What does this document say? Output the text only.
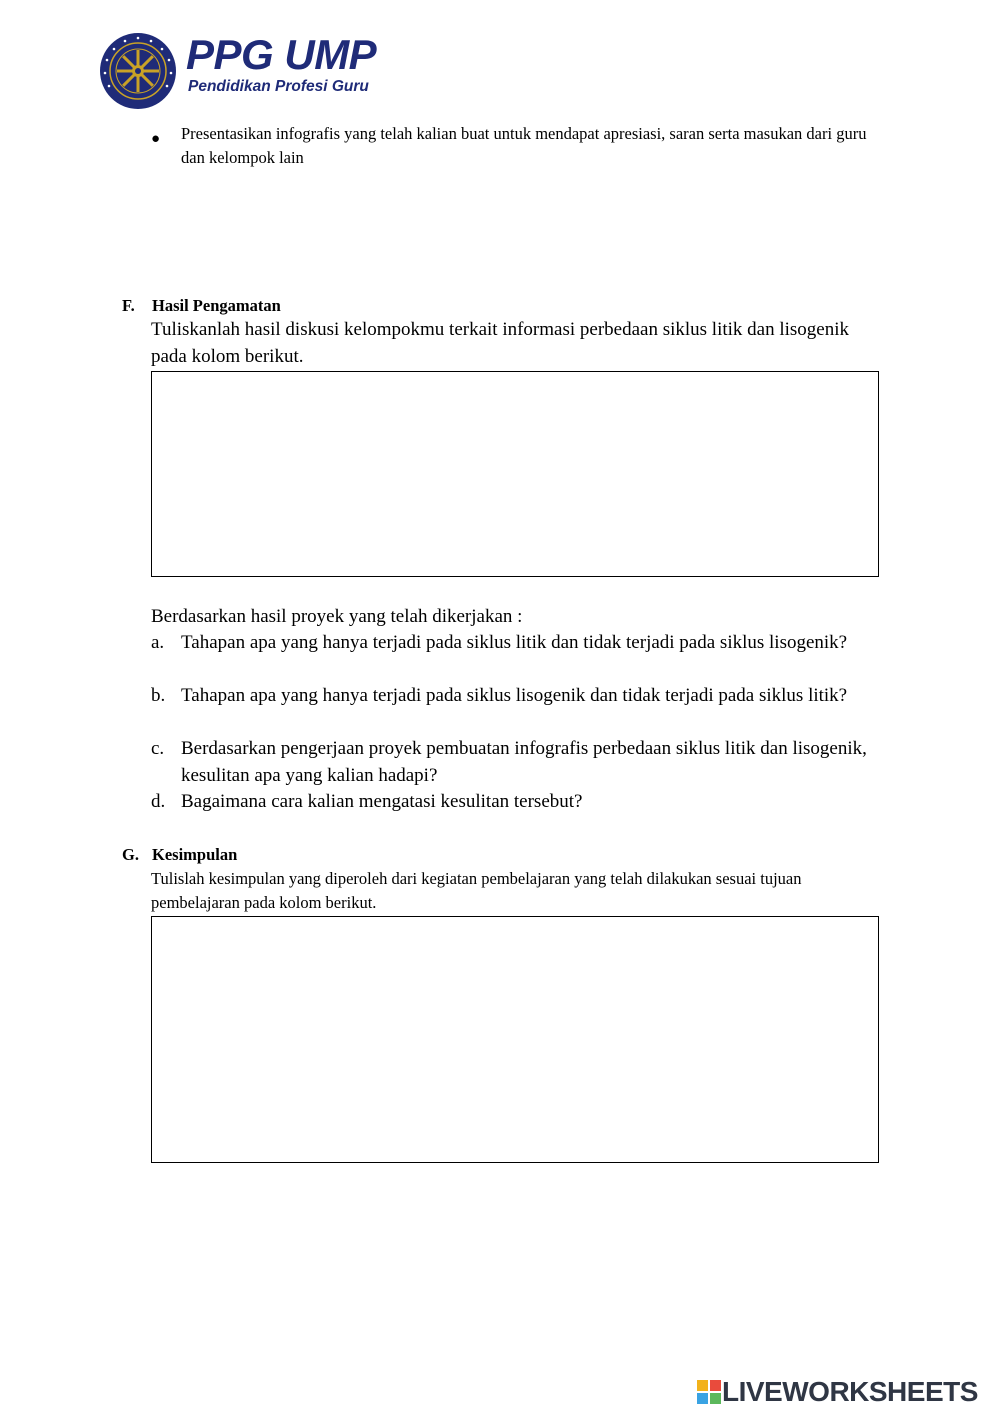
PPG UMP
Pendidikan Profesi Guru
● Presentasikan infografis yang telah kalian buat untuk mendapat apresiasi, saran serta masukan dari guru dan kelompok lain
F. Hasil Pengamatan
Tuliskanlah hasil diskusi kelompokmu terkait informasi perbedaan siklus litik dan lisogenik pada kolom berikut.
Berdasarkan hasil proyek yang telah dikerjakan :
a. Tahapan apa yang hanya terjadi pada siklus litik dan tidak terjadi pada siklus lisogenik?
b. Tahapan apa yang hanya terjadi pada siklus lisogenik dan tidak terjadi pada siklus litik?
c. Berdasarkan pengerjaan proyek pembuatan infografis perbedaan siklus litik dan lisogenik, kesulitan apa yang kalian hadapi?
d. Bagaimana cara kalian mengatasi kesulitan tersebut?
G. Kesimpulan
Tulislah kesimpulan yang diperoleh dari kegiatan pembelajaran yang telah dilakukan sesuai tujuan pembelajaran pada kolom berikut.
LIVEWORKSHEETS
